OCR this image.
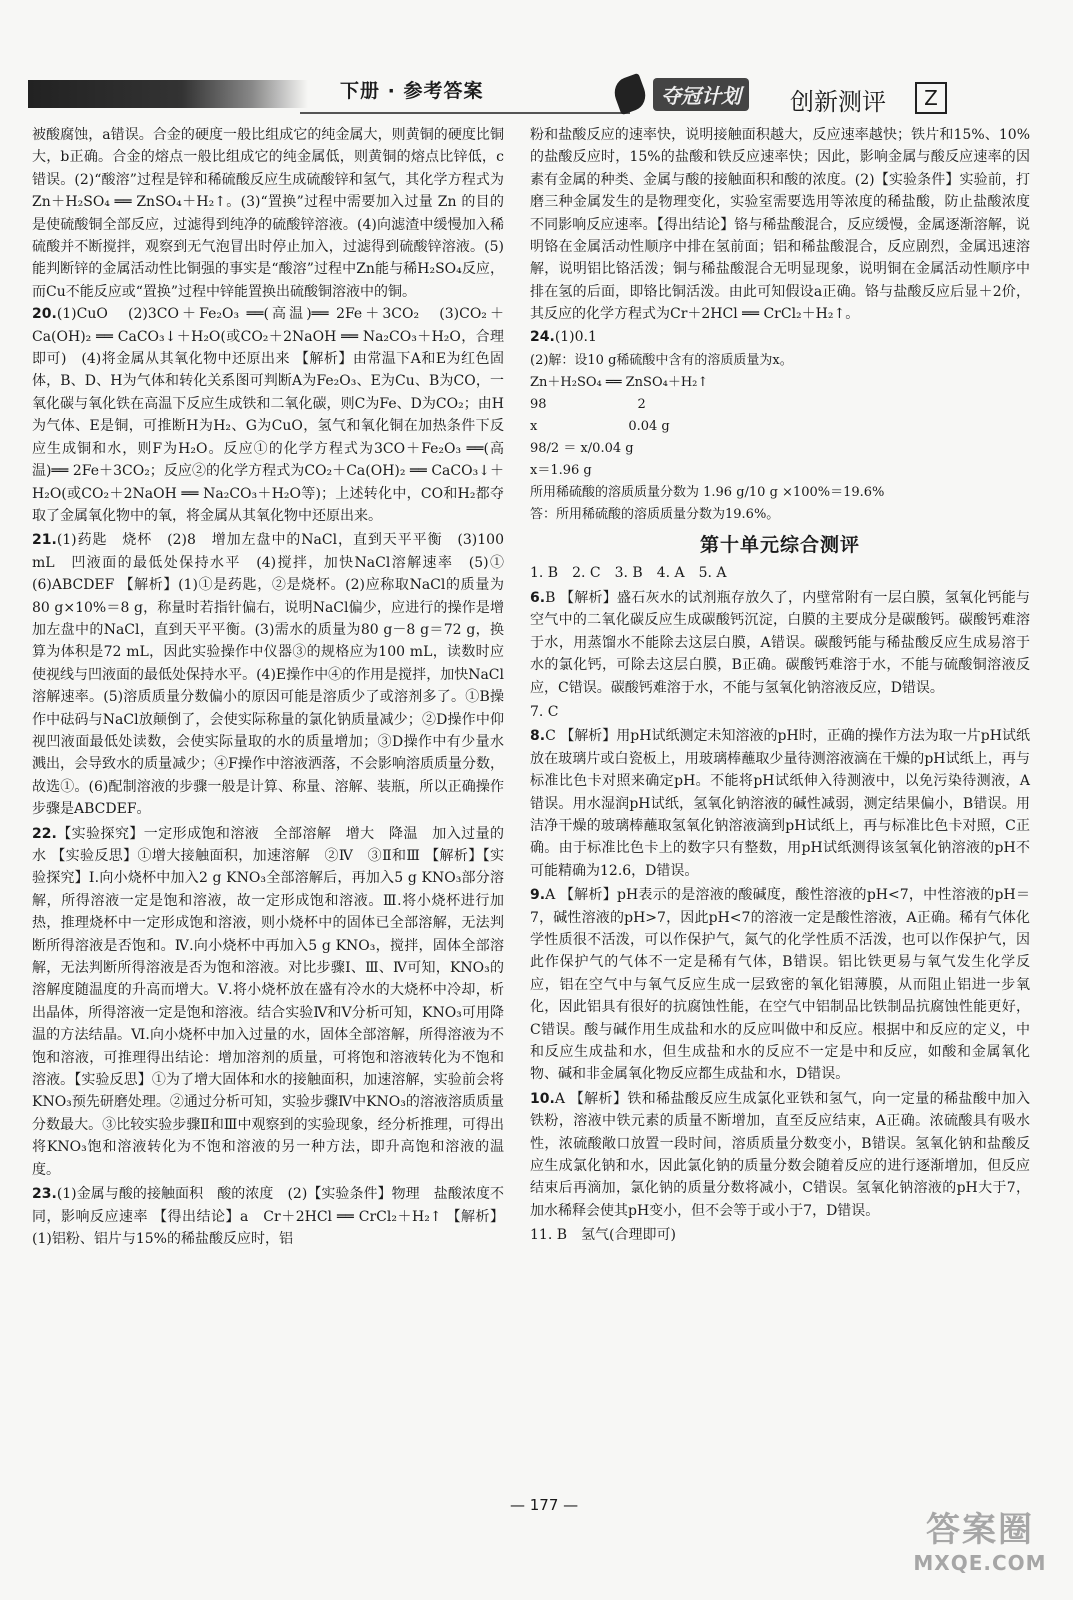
下册 · 参考答案	夺冠计划	创新测评	Z

被酸腐蚀，a错误。合金的硬度一般比组成它的纯金属大，则黄铜的硬度比铜大，b正确。合金的熔点一般比组成它的纯金属低，则黄铜的熔点比锌低，c错误。(2)“酸溶”过程是锌和稀硫酸反应生成硫酸锌和氢气，其化学方程式为 Zn＋H₂SO₄ ══ ZnSO₄＋H₂↑。(3)“置换”过程中需要加入过量 Zn 的目的是使硫酸铜全部反应，过滤得到纯净的硫酸锌溶液。(4)向滤渣中缓慢加入稀硫酸并不断搅拌，观察到无气泡冒出时停止加入，过滤得到硫酸锌溶液。(5)能判断锌的金属活动性比铜强的事实是“酸溶”过程中Zn能与稀H₂SO₄反应，而Cu不能反应或“置换”过程中锌能置换出硫酸铜溶液中的铜。

20.(1)CuO　(2)3CO＋Fe₂O₃ ══(高温)══ 2Fe＋3CO₂　(3)CO₂＋Ca(OH)₂ ══ CaCO₃↓＋H₂O(或CO₂＋2NaOH ══ Na₂CO₃＋H₂O，合理即可)　(4)将金属从其氧化物中还原出来 【解析】由常温下A和E为红色固体，B、D、H为气体和转化关系图可判断A为Fe₂O₃、E为Cu、B为CO，一氧化碳与氧化铁在高温下反应生成铁和二氧化碳，则C为Fe、D为CO₂；由H为气体、E是铜，可推断H为H₂、G为CuO，氢气和氧化铜在加热条件下反应生成铜和水，则F为H₂O。反应①的化学方程式为3CO＋Fe₂O₃ ══(高温)══ 2Fe＋3CO₂；反应②的化学方程式为CO₂＋Ca(OH)₂ ══ CaCO₃↓＋H₂O(或CO₂＋2NaOH ══ Na₂CO₃＋H₂O等)；上述转化中，CO和H₂都夺取了金属氧化物中的氧，将金属从其氧化物中还原出来。

21.(1)药匙　烧杯　(2)8　增加左盘中的NaCl，直到天平平衡　(3)100 mL　凹液面的最低处保持水平　(4)搅拌，加快NaCl溶解速率　(5)①　(6)ABCDEF 【解析】(1)①是药匙，②是烧杯。(2)应称取NaCl的质量为80 g×10%＝8 g，称量时若指针偏右，说明NaCl偏少，应进行的操作是增加左盘中的NaCl，直到天平平衡。(3)需水的质量为80 g－8 g＝72 g，换算为体积是72 mL，因此实验操作中仪器③的规格应为100 mL，读数时应使视线与凹液面的最低处保持水平。(4)E操作中④的作用是搅拌，加快NaCl溶解速率。(5)溶质质量分数偏小的原因可能是溶质少了或溶剂多了。①B操作中砝码与NaCl放颠倒了，会使实际称量的氯化钠质量减少；②D操作中仰视凹液面最低处读数，会使实际量取的水的质量增加；③D操作中有少量水溅出，会导致水的质量减少；④F操作中溶液洒落，不会影响溶质质量分数，故选①。(6)配制溶液的步骤一般是计算、称量、溶解、装瓶，所以正确操作步骤是ABCDEF。

22.【实验探究】一定形成饱和溶液　全部溶解　增大　降温　加入过量的水 【实验反思】①增大接触面积，加速溶解　②Ⅳ　③Ⅱ和Ⅲ 【解析】【实验探究】Ⅰ.向小烧杯中加入2 g KNO₃全部溶解后，再加入5 g KNO₃部分溶解，所得溶液一定是饱和溶液，故一定形成饱和溶液。Ⅲ.将小烧杯进行加热，推理烧杯中一定形成饱和溶液，则小烧杯中的固体已全部溶解，无法判断所得溶液是否饱和。Ⅳ.向小烧杯中再加入5 g KNO₃，搅拌，固体全部溶解，无法判断所得溶液是否为饱和溶液。对比步骤Ⅰ、Ⅲ、Ⅳ可知，KNO₃的溶解度随温度的升高而增大。Ⅴ.将小烧杯放在盛有冷水的大烧杯中冷却，析出晶体，所得溶液一定是饱和溶液。结合实验Ⅳ和Ⅴ分析可知，KNO₃可用降温的方法结晶。Ⅵ.向小烧杯中加入过量的水，固体全部溶解，所得溶液为不饱和溶液，可推理得出结论：增加溶剂的质量，可将饱和溶液转化为不饱和溶液。【实验反思】①为了增大固体和水的接触面积，加速溶解，实验前会将KNO₃预先研磨处理。②通过分析可知，实验步骤Ⅳ中KNO₃的溶液溶质质量分数最大。③比较实验步骤Ⅱ和Ⅲ中观察到的实验现象，经分析推理，可得出将KNO₃饱和溶液转化为不饱和溶液的另一种方法，即升高饱和溶液的温度。

23.(1)金属与酸的接触面积　酸的浓度　(2)【实验条件】物理　盐酸浓度不同，影响反应速率 【得出结论】a　Cr＋2HCl ══ CrCl₂＋H₂↑ 【解析】(1)铝粉、铝片与15%的稀盐酸反应时，铝

粉和盐酸反应的速率快，说明接触面积越大，反应速率越快；铁片和15%、10%的盐酸反应时，15%的盐酸和铁反应速率快；因此，影响金属与酸反应速率的因素有金属的种类、金属与酸的接触面积和酸的浓度。(2)【实验条件】实验前，打磨三种金属发生的是物理变化，实验室需要选用等浓度的稀盐酸，防止盐酸浓度不同影响反应速率。【得出结论】铬与稀盐酸混合，反应缓慢，金属逐渐溶解，说明铬在金属活动性顺序中排在氢前面；铝和稀盐酸混合，反应剧烈，金属迅速溶解，说明铝比铬活泼；铜与稀盐酸混合无明显现象，说明铜在金属活动性顺序中排在氢的后面，即铬比铜活泼。由此可知假设a正确。铬与盐酸反应后显＋2价，其反应的化学方程式为Cr＋2HCl ══ CrCl₂＋H₂↑。

24.(1)0.1

(2)解：设10 g稀硫酸中含有的溶质质量为x。

Zn＋H₂SO₄ ══ ZnSO₄＋H₂↑

98　　　　　　　2

x　　　　　　　0.04 g

98/2 ＝ x/0.04 g

x＝1.96 g

所用稀硫酸的溶质质量分数为 1.96 g/10 g ×100%＝19.6%

答：所用稀硫酸的溶质质量分数为19.6%。

第十单元综合测评

1. B　2. C　3. B　4. A　5. A

6.B 【解析】盛石灰水的试剂瓶存放久了，内壁常附有一层白膜，氢氧化钙能与空气中的二氧化碳反应生成碳酸钙沉淀，白膜的主要成分是碳酸钙。碳酸钙难溶于水，用蒸馏水不能除去这层白膜，A错误。碳酸钙能与稀盐酸反应生成易溶于水的氯化钙，可除去这层白膜，B正确。碳酸钙难溶于水，不能与硫酸铜溶液反应，C错误。碳酸钙难溶于水，不能与氢氧化钠溶液反应，D错误。

7. C

8.C 【解析】用pH试纸测定未知溶液的pH时，正确的操作方法为取一片pH试纸放在玻璃片或白瓷板上，用玻璃棒蘸取少量待测溶液滴在干燥的pH试纸上，再与标准比色卡对照来确定pH。不能将pH试纸伸入待测液中，以免污染待测液，A错误。用水湿润pH试纸，氢氧化钠溶液的碱性减弱，测定结果偏小，B错误。用洁净干燥的玻璃棒蘸取氢氧化钠溶液滴到pH试纸上，再与标准比色卡对照，C正确。由于标准比色卡上的数字只有整数，用pH试纸测得该氢氧化钠溶液的pH不可能精确为12.6，D错误。

9.A 【解析】pH表示的是溶液的酸碱度，酸性溶液的pH<7，中性溶液的pH＝7，碱性溶液的pH>7，因此pH<7的溶液一定是酸性溶液，A正确。稀有气体化学性质很不活泼，可以作保护气，氮气的化学性质不活泼，也可以作保护气，因此作保护气的气体不一定是稀有气体，B错误。铝比铁更易与氧气发生化学反应，铝在空气中与氧气反应生成一层致密的氧化铝薄膜，从而阻止铝进一步氧化，因此铝具有很好的抗腐蚀性能，在空气中铝制品比铁制品抗腐蚀性能更好，C错误。酸与碱作用生成盐和水的反应叫做中和反应。根据中和反应的定义，中和反应生成盐和水，但生成盐和水的反应不一定是中和反应，如酸和金属氧化物、碱和非金属氧化物反应都生成盐和水，D错误。

10.A 【解析】铁和稀盐酸反应生成氯化亚铁和氢气，向一定量的稀盐酸中加入铁粉，溶液中铁元素的质量不断增加，直至反应结束，A正确。浓硫酸具有吸水性，浓硫酸敞口放置一段时间，溶质质量分数变小，B错误。氢氧化钠和盐酸反应生成氯化钠和水，因此氯化钠的质量分数会随着反应的进行逐渐增加，但反应结束后再滴加，氯化钠的质量分数将减小，C错误。氢氧化钠溶液的pH大于7，加水稀释会使其pH变小，但不会等于或小于7，D错误。

11. B　氢气(合理即可)

— 177 —
答案圈
MXQE.COM
